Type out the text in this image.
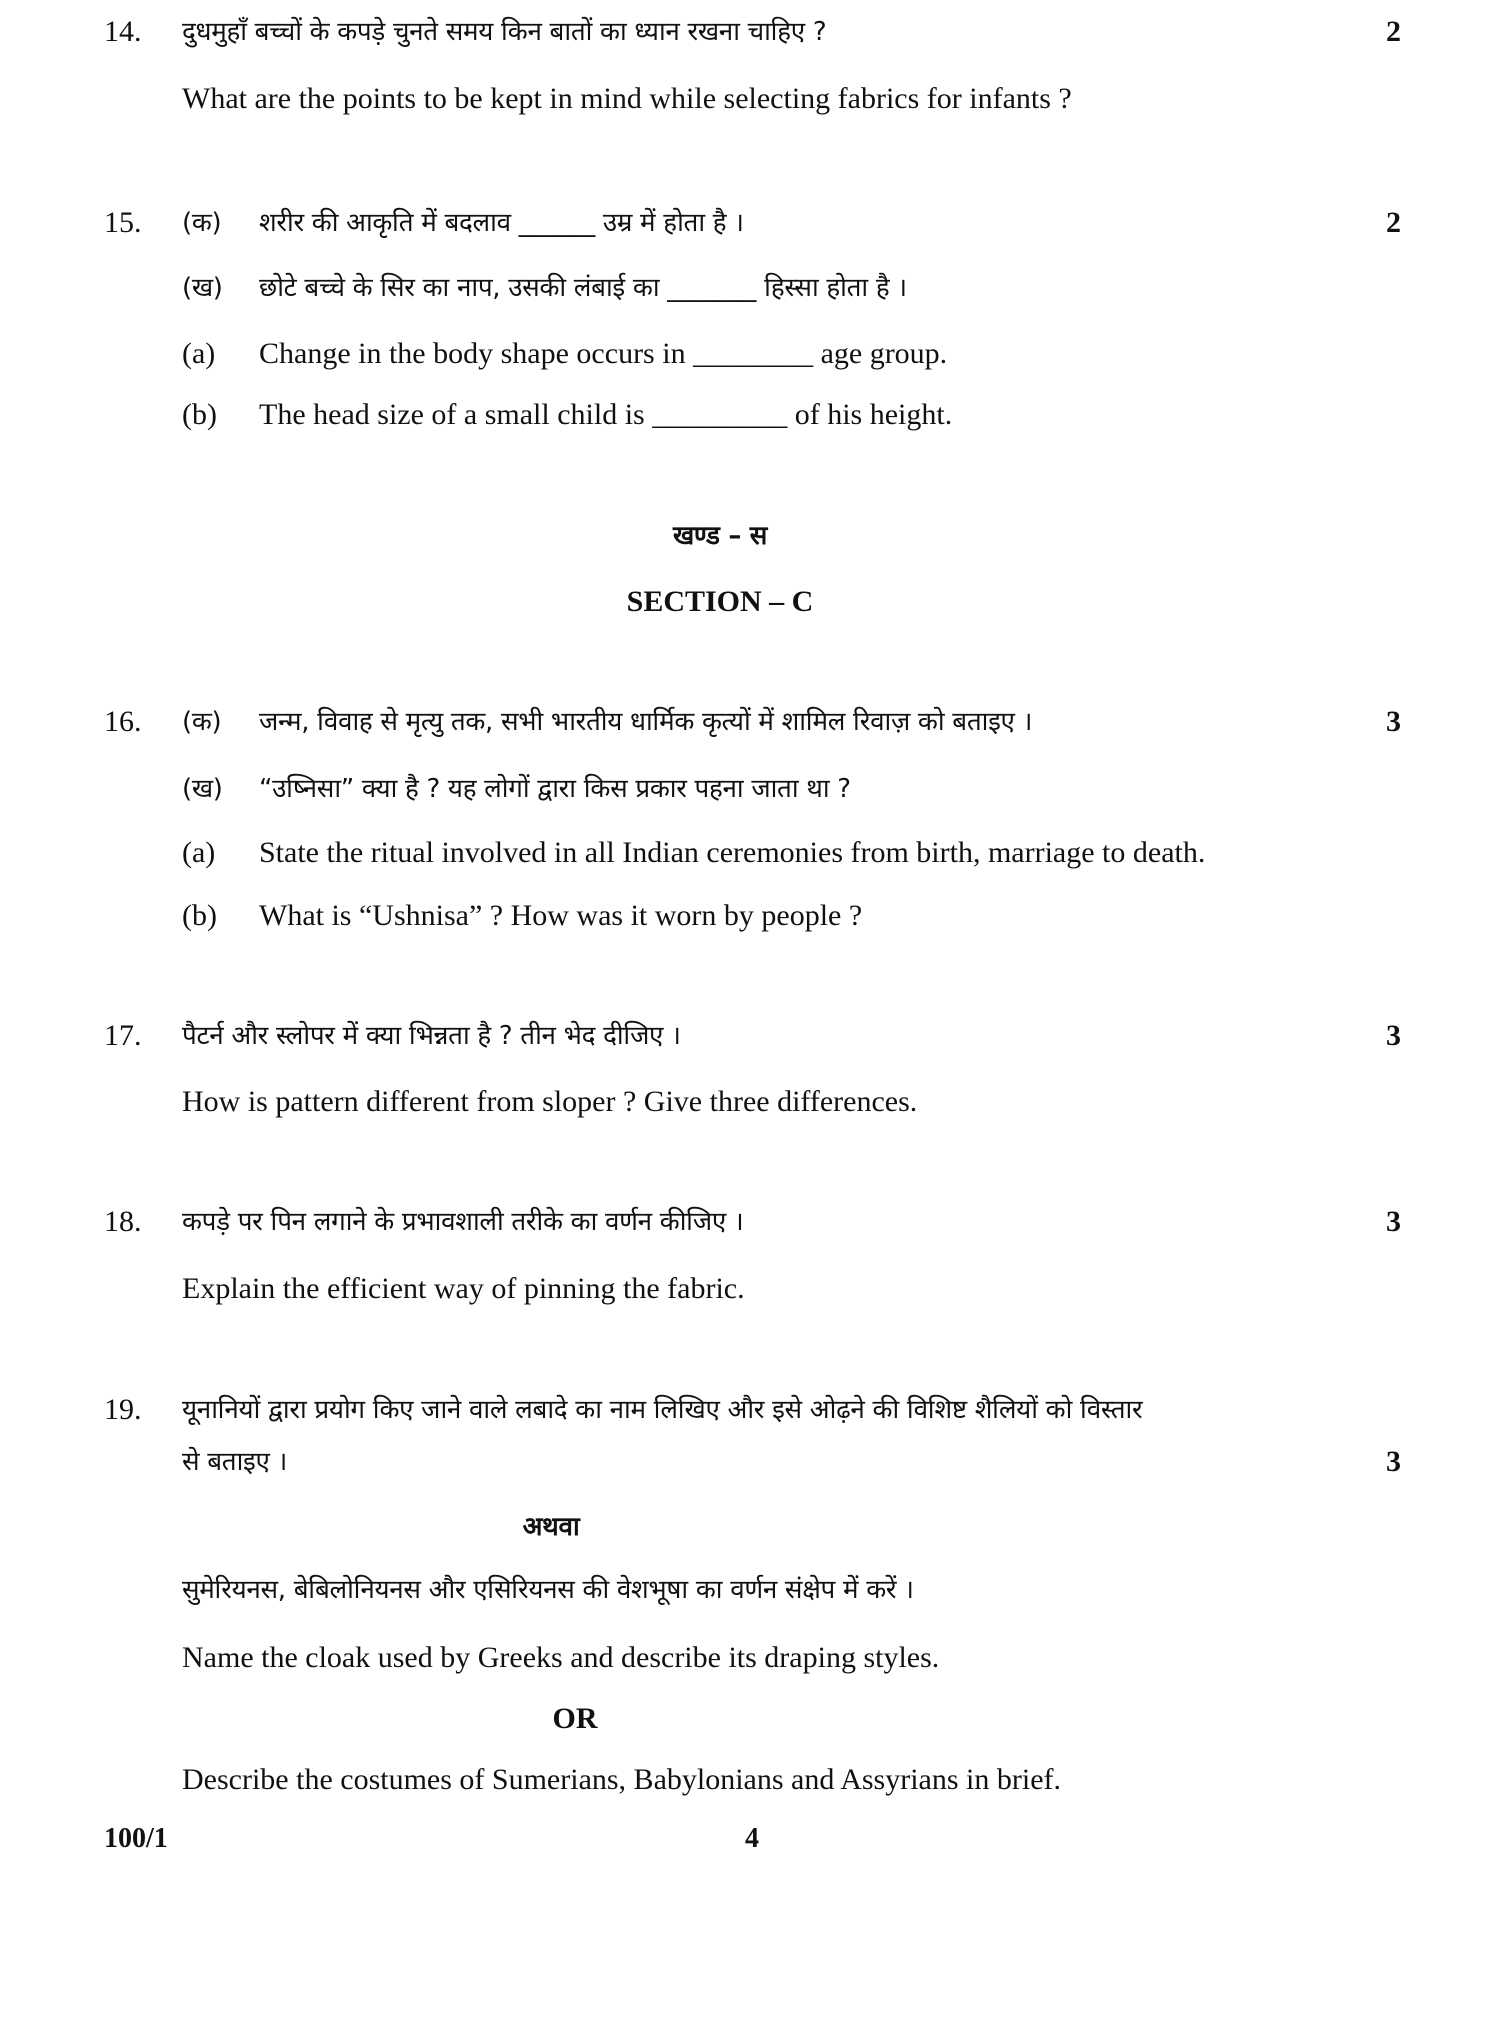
14. दुधमुहाँ बच्चों के कपड़े चुनते समय किन बातों का ध्यान रखना चाहिए ?	2
What are the points to be kept in mind while selecting fabrics for infants ?
15. (क) शरीर की आकृति में बदलाव ______ उम्र में होता है ।	2
(ख) छोटे बच्चे के सिर का नाप, उसकी लंबाई का _______ हिस्सा होता है ।
(a) Change in the body shape occurs in ________ age group.
(b) The head size of a small child is _________ of his height.
खण्ड – स
SECTION – C
16. (क) जन्म, विवाह से मृत्यु तक, सभी भारतीय धार्मिक कृत्यों में शामिल रिवाज़ को बताइए ।	3
(ख) “उष्निसा” क्या है ? यह लोगों द्वारा किस प्रकार पहना जाता था ?
(a) State the ritual involved in all Indian ceremonies from birth, marriage to death.
(b) What is “Ushnisa” ? How was it worn by people ?
17. पैटर्न और स्लोपर में क्या भिन्नता है ? तीन भेद दीजिए ।	3
How is pattern different from sloper ? Give three differences.
18. कपड़े पर पिन लगाने के प्रभावशाली तरीके का वर्णन कीजिए ।	3
Explain the efficient way of pinning the fabric.
19. यूनानियों द्वारा प्रयोग किए जाने वाले लबादे का नाम लिखिए और इसे ओढ़ने की विशिष्ट शैलियों को विस्तार
से बताइए ।	3
अथवा
सुमेरियनस, बेबिलोनियनस और एसिरियनस की वेशभूषा का वर्णन संक्षेप में करें ।
Name the cloak used by Greeks and describe its draping styles.
OR
Describe the costumes of Sumerians, Babylonians and Assyrians in brief.
100/1	4
